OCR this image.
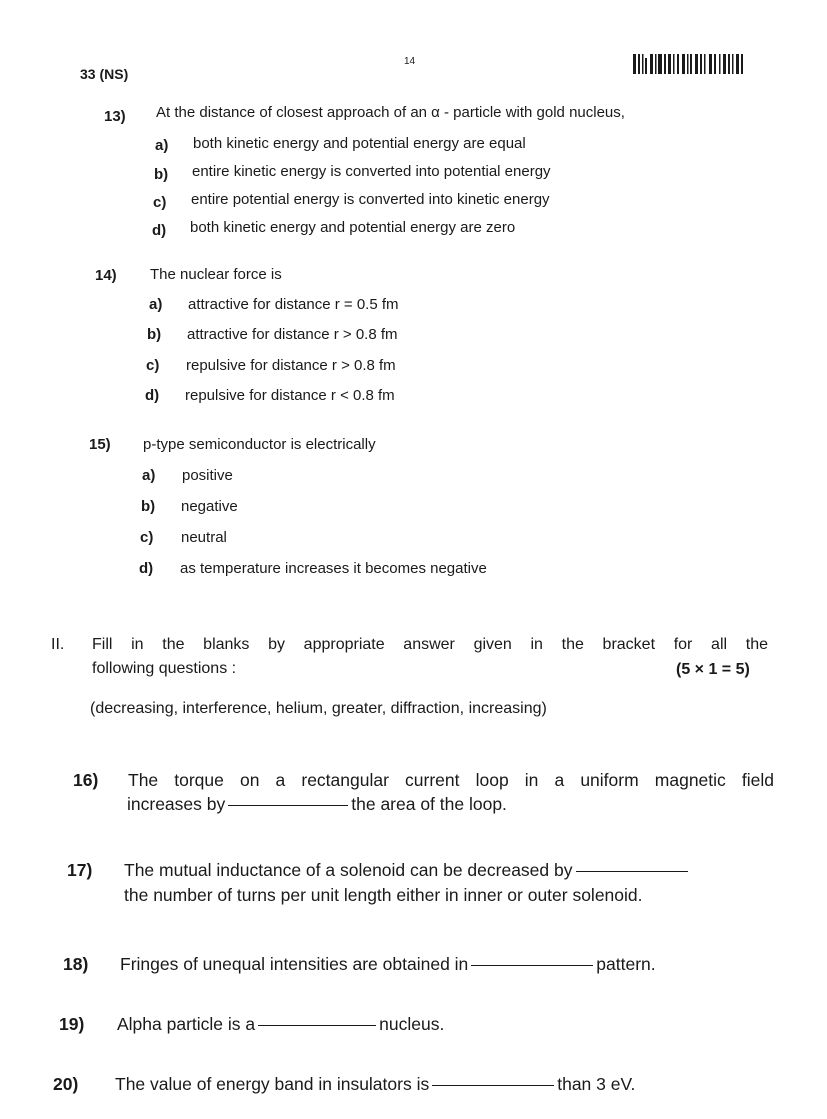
33 (NS)
14
13) At the distance of closest approach of an α - particle with gold nucleus,
a) both kinetic energy and potential energy are equal
b) entire kinetic energy is converted into potential energy
c) entire potential energy is converted into kinetic energy
d) both kinetic energy and potential energy are zero
14) The nuclear force is
a) attractive for distance r = 0.5 fm
b) attractive for distance r > 0.8 fm
c) repulsive for distance r > 0.8 fm
d) repulsive for distance r < 0.8 fm
15) p-type semiconductor is electrically
a) positive
b) negative
c) neutral
d) as temperature increases it becomes negative
II. Fill in the blanks by appropriate answer given in the bracket for all the
following questions :	(5 × 1 = 5)
(decreasing, interference, helium, greater, diffraction, increasing)
16) The torque on a rectangular current loop in a uniform magnetic field
increases by	the area of the loop.
17) The mutual inductance of a solenoid can be decreased by
the number of turns per unit length either in inner or outer solenoid.
18) Fringes of unequal intensities are obtained in	pattern.
19) Alpha particle is a	nucleus.
20) The value of energy band in insulators is	than 3 eV.
